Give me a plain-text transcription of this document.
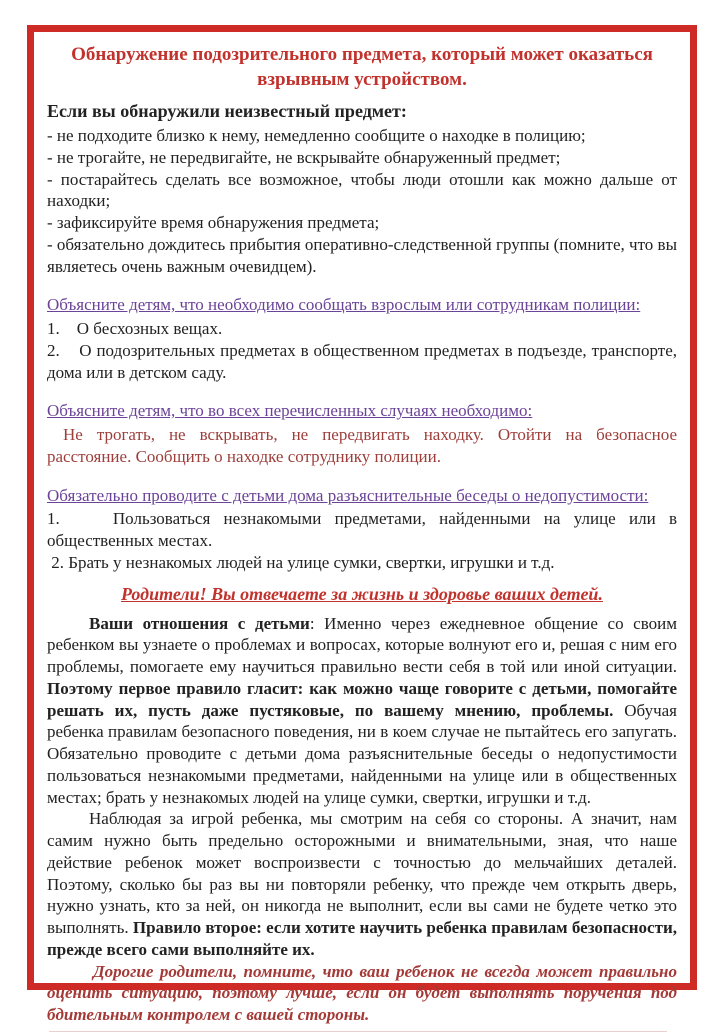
Обнаружение подозрительного предмета, который может оказаться взрывным устройством.

Если вы обнаружили неизвестный предмет:

- не подходите близко к нему, немедленно сообщите о находке в полицию;

- не трогайте, не передвигайте, не вскрывайте обнаруженный предмет;

- постарайтесь сделать все возможное, чтобы люди отошли как можно дальше от находки;

- зафиксируйте время обнаружения предмета;

- обязательно дождитесь прибытия оперативно-следственной группы (помните, что вы являетесь очень важным очевидцем).

Объясните детям, что необходимо сообщать взрослым или сотрудникам полиции:

1.    О бесхозных вещах.

2.    О подозрительных предметах в общественном предметах в подъезде, транспорте, дома или в детском саду.

Объясните детям, что во всех перечисленных случаях необходимо:

Не трогать, не вскрывать, не передвигать находку. Отойти на безопасное расстояние. Сообщить о находке сотруднику полиции.

Обязательно проводите с детьми дома разъяснительные беседы о недопустимости:

1.    Пользоваться незнакомыми предметами, найденными на улице или в общественных местах.

2. Брать у незнакомых людей на улице сумки, свертки, игрушки и т.д.

Родители! Вы отвечаете за жизнь и здоровье ваших детей.

Ваши отношения с детьми: Именно через ежедневное общение со своим ребенком вы узнаете о проблемах и вопросах, которые волнуют его и, решая с ним его проблемы, помогаете ему научиться правильно вести себя в той или иной ситуации. Поэтому первое правило гласит: как можно чаще говорите с детьми, помогайте решать их, пусть даже пустяковые, по вашему мнению, проблемы. Обучая ребенка правилам безопасного поведения, ни в коем случае не пытайтесь его запугать. Обязательно проводите с детьми дома разъяснительные беседы о недопустимости пользоваться незнакомыми предметами, найденными на улице или в общественных местах; брать у незнакомых людей на улице сумки, свертки, игрушки и т.д.

Наблюдая за игрой ребенка, мы смотрим на себя со стороны. А значит, нам самим нужно быть предельно осторожными и внимательными, зная, что наше действие ребенок может воспроизвести с точностью до мельчайших деталей. Поэтому, сколько бы раз вы ни повторяли ребенку, что прежде чем открыть дверь, нужно узнать, кто за ней, он никогда не выполнит, если вы сами не будете четко это выполнять. Правило второе: если хотите научить ребенка правилам безопасности, прежде всего сами выполняйте их.

Дорогие родители, помните, что ваш ребенок не всегда может правильно оценить ситуацию, поэтому лучше, если он будет выполнять поручения под бдительным контролем с вашей стороны.
